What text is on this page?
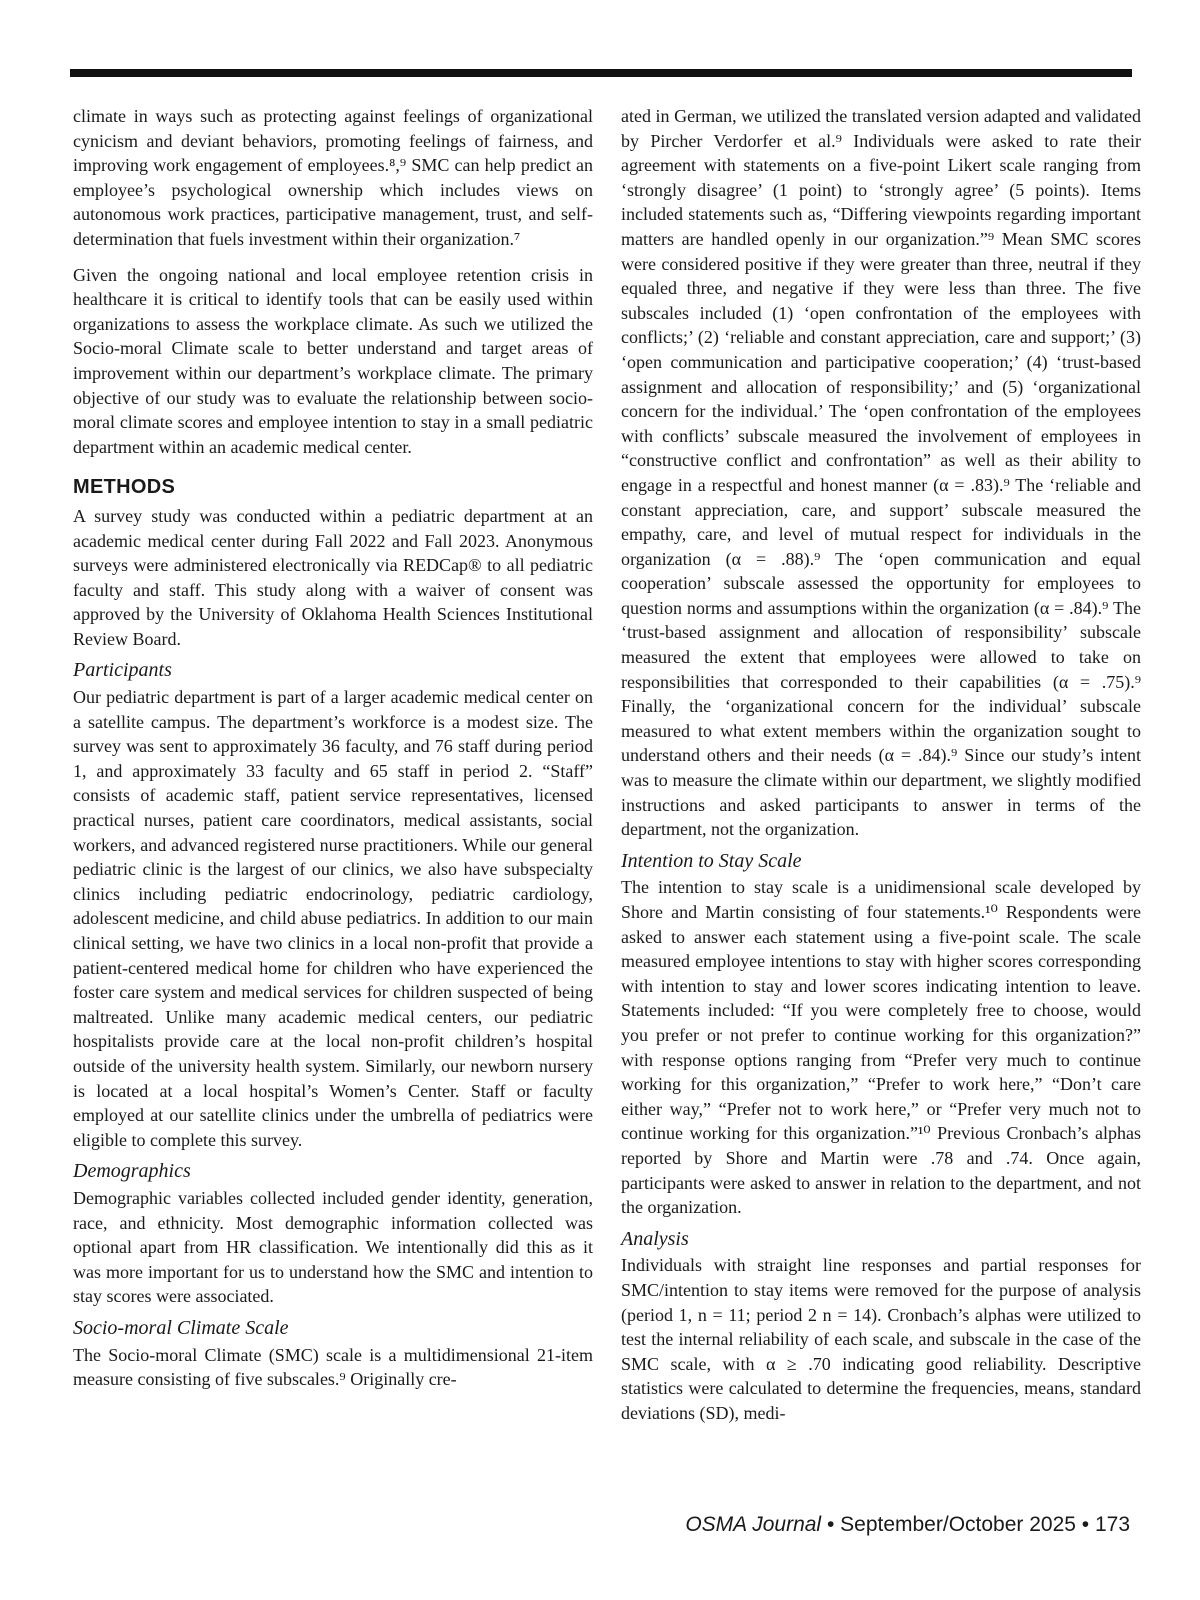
climate in ways such as protecting against feelings of organizational cynicism and deviant behaviors, promoting feelings of fairness, and improving work engagement of employees.⁸,⁹ SMC can help predict an employee’s psychological ownership which includes views on autonomous work practices, participative management, trust, and self-determination that fuels investment within their organization.⁷

Given the ongoing national and local employee retention crisis in healthcare it is critical to identify tools that can be easily used within organizations to assess the workplace climate. As such we utilized the Socio-moral Climate scale to better understand and target areas of improvement within our department’s workplace climate. The primary objective of our study was to evaluate the relationship between socio-moral climate scores and employee intention to stay in a small pediatric department within an academic medical center.

METHODS

A survey study was conducted within a pediatric department at an academic medical center during Fall 2022 and Fall 2023. Anonymous surveys were administered electronically via REDCap® to all pediatric faculty and staff. This study along with a waiver of consent was approved by the University of Oklahoma Health Sciences Institutional Review Board.

Participants

Our pediatric department is part of a larger academic medical center on a satellite campus. The department’s workforce is a modest size. The survey was sent to approximately 36 faculty, and 76 staff during period 1, and approximately 33 faculty and 65 staff in period 2. “Staff” consists of academic staff, patient service representatives, licensed practical nurses, patient care coordinators, medical assistants, social workers, and advanced registered nurse practitioners. While our general pediatric clinic is the largest of our clinics, we also have subspecialty clinics including pediatric endocrinology, pediatric cardiology, adolescent medicine, and child abuse pediatrics. In addition to our main clinical setting, we have two clinics in a local non-profit that provide a patient-centered medical home for children who have experienced the foster care system and medical services for children suspected of being maltreated. Unlike many academic medical centers, our pediatric hospitalists provide care at the local non-profit children’s hospital outside of the university health system. Similarly, our newborn nursery is located at a local hospital’s Women’s Center. Staff or faculty employed at our satellite clinics under the umbrella of pediatrics were eligible to complete this survey.

Demographics

Demographic variables collected included gender identity, generation, race, and ethnicity. Most demographic information collected was optional apart from HR classification. We intentionally did this as it was more important for us to understand how the SMC and intention to stay scores were associated.

Socio-moral Climate Scale

The Socio-moral Climate (SMC) scale is a multidimensional 21-item measure consisting of five subscales.⁹ Originally cre-

ated in German, we utilized the translated version adapted and validated by Pircher Verdorfer et al.⁹ Individuals were asked to rate their agreement with statements on a five-point Likert scale ranging from ‘strongly disagree’ (1 point) to ‘strongly agree’ (5 points). Items included statements such as, “Differing viewpoints regarding important matters are handled openly in our organization.”⁹ Mean SMC scores were considered positive if they were greater than three, neutral if they equaled three, and negative if they were less than three. The five subscales included (1) ‘open confrontation of the employees with conflicts;’ (2) ‘reliable and constant appreciation, care and support;’ (3) ‘open communication and participative cooperation;’ (4) ‘trust-based assignment and allocation of responsibility;’ and (5) ‘organizational concern for the individual.’ The ‘open confrontation of the employees with conflicts’ subscale measured the involvement of employees in “constructive conflict and confrontation” as well as their ability to engage in a respectful and honest manner (α = .83).⁹ The ‘reliable and constant appreciation, care, and support’ subscale measured the empathy, care, and level of mutual respect for individuals in the organization (α = .88).⁹ The ‘open communication and equal cooperation’ subscale assessed the opportunity for employees to question norms and assumptions within the organization (α = .84).⁹ The ‘trust-based assignment and allocation of responsibility’ subscale measured the extent that employees were allowed to take on responsibilities that corresponded to their capabilities (α = .75).⁹ Finally, the ‘organizational concern for the individual’ subscale measured to what extent members within the organization sought to understand others and their needs (α = .84).⁹ Since our study’s intent was to measure the climate within our department, we slightly modified instructions and asked participants to answer in terms of the department, not the organization.

Intention to Stay Scale

The intention to stay scale is a unidimensional scale developed by Shore and Martin consisting of four statements.¹⁰ Respondents were asked to answer each statement using a five-point scale. The scale measured employee intentions to stay with higher scores corresponding with intention to stay and lower scores indicating intention to leave. Statements included: “If you were completely free to choose, would you prefer or not prefer to continue working for this organization?” with response options ranging from “Prefer very much to continue working for this organization,” “Prefer to work here,” “Don’t care either way,” “Prefer not to work here,” or “Prefer very much not to continue working for this organization.”¹⁰ Previous Cronbach’s alphas reported by Shore and Martin were .78 and .74. Once again, participants were asked to answer in relation to the department, and not the organization.

Analysis

Individuals with straight line responses and partial responses for SMC/intention to stay items were removed for the purpose of analysis (period 1, n = 11; period 2 n = 14). Cronbach’s alphas were utilized to test the internal reliability of each scale, and subscale in the case of the SMC scale, with α ≥ .70 indicating good reliability. Descriptive statistics were calculated to determine the frequencies, means, standard deviations (SD), medi-

OSMA Journal • September/October 2025 • 173
